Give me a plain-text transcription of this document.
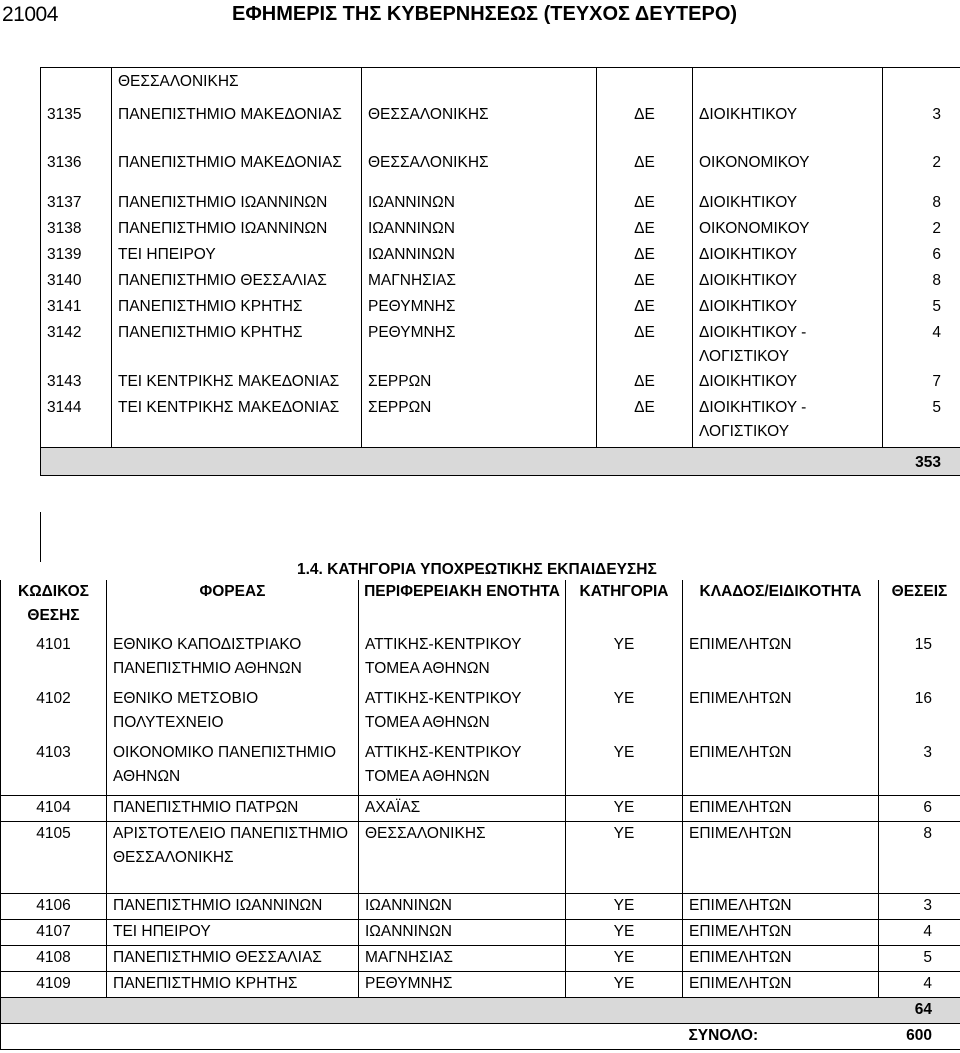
21004	ΕΦΗΜΕΡΙΣ ΤΗΣ ΚΥΒΕΡΝΗΣΕΩΣ (ΤΕΥΧΟΣ ΔΕΥΤΕΡΟ)
	ΘΕΣΣΑΛΟΝΙΚΗΣ				
3135	ΠΑΝΕΠΙΣΤΗΜΙΟ ΜΑΚΕΔΟΝΙΑΣ	ΘΕΣΣΑΛΟΝΙΚΗΣ	ΔΕ	ΔΙΟΙΚΗΤΙΚΟΥ	3
3136	ΠΑΝΕΠΙΣΤΗΜΙΟ ΜΑΚΕΔΟΝΙΑΣ	ΘΕΣΣΑΛΟΝΙΚΗΣ	ΔΕ	ΟΙΚΟΝΟΜΙΚΟΥ	2
3137	ΠΑΝΕΠΙΣΤΗΜΙΟ ΙΩΑΝΝΙΝΩΝ	ΙΩΑΝΝΙΝΩΝ	ΔΕ	ΔΙΟΙΚΗΤΙΚΟΥ	8
3138	ΠΑΝΕΠΙΣΤΗΜΙΟ ΙΩΑΝΝΙΝΩΝ	ΙΩΑΝΝΙΝΩΝ	ΔΕ	ΟΙΚΟΝΟΜΙΚΟΥ	2
3139	ΤΕΙ ΗΠΕΙΡΟΥ	ΙΩΑΝΝΙΝΩΝ	ΔΕ	ΔΙΟΙΚΗΤΙΚΟΥ	6
3140	ΠΑΝΕΠΙΣΤΗΜΙΟ ΘΕΣΣΑΛΙΑΣ	ΜΑΓΝΗΣΙΑΣ	ΔΕ	ΔΙΟΙΚΗΤΙΚΟΥ	8
3141	ΠΑΝΕΠΙΣΤΗΜΙΟ ΚΡΗΤΗΣ	ΡΕΘΥΜΝΗΣ	ΔΕ	ΔΙΟΙΚΗΤΙΚΟΥ	5
3142	ΠΑΝΕΠΙΣΤΗΜΙΟ ΚΡΗΤΗΣ	ΡΕΘΥΜΝΗΣ	ΔΕ	ΔΙΟΙΚΗΤΙΚΟΥ - ΛΟΓΙΣΤΙΚΟΥ	4
3143	ΤΕΙ ΚΕΝΤΡΙΚΗΣ ΜΑΚΕΔΟΝΙΑΣ	ΣΕΡΡΩΝ	ΔΕ	ΔΙΟΙΚΗΤΙΚΟΥ	7
3144	ΤΕΙ ΚΕΝΤΡΙΚΗΣ ΜΑΚΕΔΟΝΙΑΣ	ΣΕΡΡΩΝ	ΔΕ	ΔΙΟΙΚΗΤΙΚΟΥ - ΛΟΓΙΣΤΙΚΟΥ	5
					353
1.4. ΚΑΤΗΓΟΡΙΑ ΥΠΟΧΡΕΩΤΙΚΗΣ ΕΚΠΑΙΔΕΥΣΗΣ
ΚΩΔΙΚΟΣ ΘΕΣΗΣ	ΦΟΡΕΑΣ	ΠΕΡΙΦΕΡΕΙΑΚΗ ΕΝΟΤΗΤΑ	ΚΑΤΗΓΟΡΙΑ	ΚΛΑΔΟΣ/ΕΙΔΙΚΟΤΗΤΑ	ΘΕΣΕΙΣ
4101	ΕΘΝΙΚΟ ΚΑΠΟΔΙΣΤΡΙΑΚΟ ΠΑΝΕΠΙΣΤΗΜΙΟ ΑΘΗΝΩΝ	ΑΤΤΙΚΗΣ-ΚΕΝΤΡΙΚΟΥ ΤΟΜΕΑ ΑΘΗΝΩΝ	ΥΕ	ΕΠΙΜΕΛΗΤΩΝ	15
4102	ΕΘΝΙΚΟ ΜΕΤΣΟΒΙΟ ΠΟΛΥΤΕΧΝΕΙΟ	ΑΤΤΙΚΗΣ-ΚΕΝΤΡΙΚΟΥ ΤΟΜΕΑ ΑΘΗΝΩΝ	ΥΕ	ΕΠΙΜΕΛΗΤΩΝ	16
4103	ΟΙΚΟΝΟΜΙΚΟ ΠΑΝΕΠΙΣΤΗΜΙΟ ΑΘΗΝΩΝ	ΑΤΤΙΚΗΣ-ΚΕΝΤΡΙΚΟΥ ΤΟΜΕΑ ΑΘΗΝΩΝ	ΥΕ	ΕΠΙΜΕΛΗΤΩΝ	3
4104	ΠΑΝΕΠΙΣΤΗΜΙΟ ΠΑΤΡΩΝ	ΑΧΑΪΑΣ	ΥΕ	ΕΠΙΜΕΛΗΤΩΝ	6
4105	ΑΡΙΣΤΟΤΕΛΕΙΟ ΠΑΝΕΠΙΣΤΗΜΙΟ ΘΕΣΣΑΛΟΝΙΚΗΣ	ΘΕΣΣΑΛΟΝΙΚΗΣ	ΥΕ	ΕΠΙΜΕΛΗΤΩΝ	8
4106	ΠΑΝΕΠΙΣΤΗΜΙΟ ΙΩΑΝΝΙΝΩΝ	ΙΩΑΝΝΙΝΩΝ	ΥΕ	ΕΠΙΜΕΛΗΤΩΝ	3
4107	ΤΕΙ ΗΠΕΙΡΟΥ	ΙΩΑΝΝΙΝΩΝ	ΥΕ	ΕΠΙΜΕΛΗΤΩΝ	4
4108	ΠΑΝΕΠΙΣΤΗΜΙΟ ΘΕΣΣΑΛΙΑΣ	ΜΑΓΝΗΣΙΑΣ	ΥΕ	ΕΠΙΜΕΛΗΤΩΝ	5
4109	ΠΑΝΕΠΙΣΤΗΜΙΟ ΚΡΗΤΗΣ	ΡΕΘΥΜΝΗΣ	ΥΕ	ΕΠΙΜΕΛΗΤΩΝ	4
					64
				ΣΥΝΟΛΟ:	600
